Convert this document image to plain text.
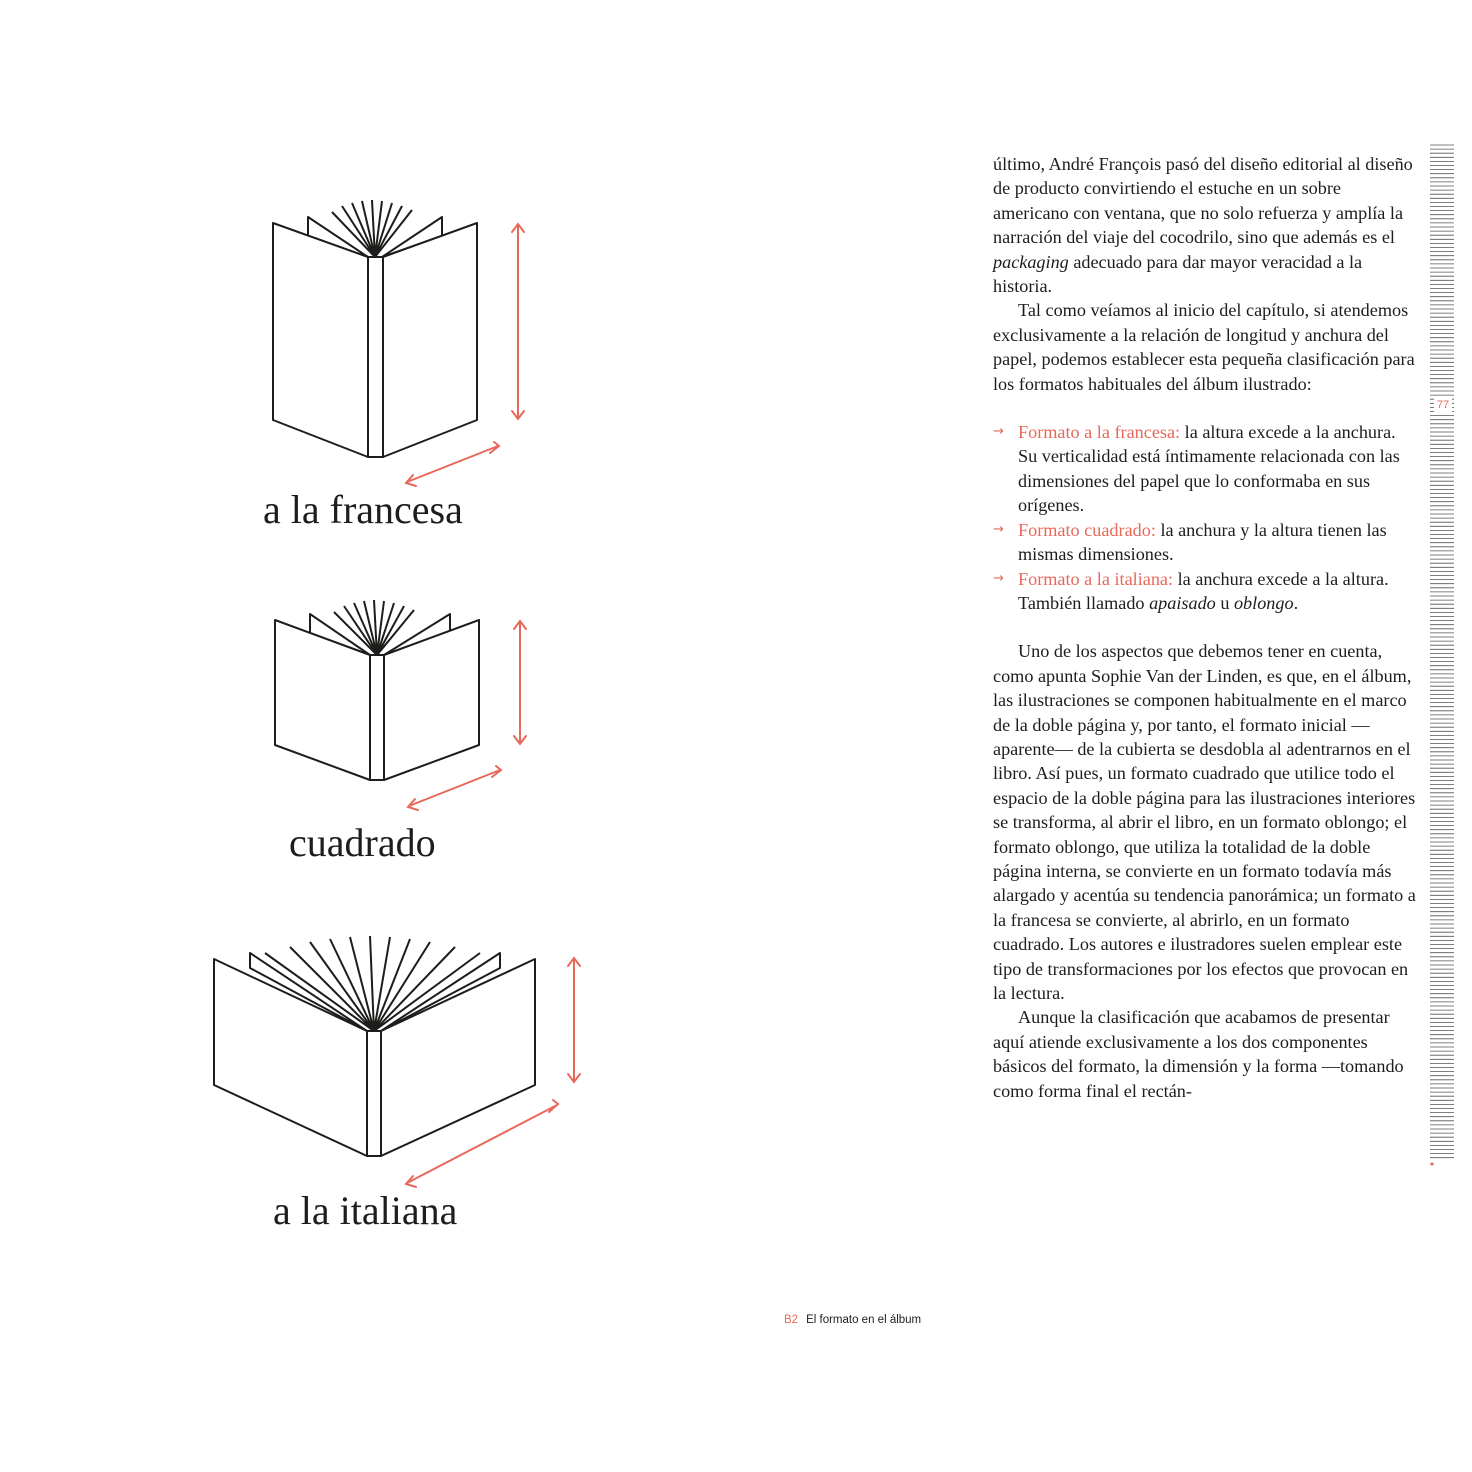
a la francesa
cuadrado
a la italiana

último, André François pasó del diseño editorial al diseño de producto convirtiendo el estuche en un sobre americano con ventana, que no solo refuerza y amplía la narración del viaje del cocodrilo, sino que además es el packaging adecuado para dar mayor veracidad a la historia.

Tal como veíamos al inicio del capítulo, si atendemos exclusivamente a la relación de longitud y anchura del papel, podemos establecer esta pequeña clasificación para los formatos habituales del álbum ilustrado:

→ Formato a la francesa: la altura excede a la anchura. Su verticalidad está íntimamente relacionada con las dimensiones del papel que lo conformaba en sus orígenes.

→ Formato cuadrado: la anchura y la altura tienen las mismas dimensiones.

→ Formato a la italiana: la anchura excede a la altura. También llamado apaisado u oblongo.

Uno de los aspectos que debemos tener en cuenta, como apunta Sophie Van der Linden, es que, en el álbum, las ilustraciones se componen habitualmente en el marco de la doble página y, por tanto, el formato inicial —aparente— de la cubierta se desdobla al adentrarnos en el libro. Así pues, un formato cuadrado que utilice todo el espacio de la doble página para las ilustraciones interiores se transforma, al abrir el libro, en un formato oblongo; el formato oblongo, que utiliza la totalidad de la doble página interna, se convierte en un formato todavía más alargado y acentúa su tendencia panorámica; un formato a la francesa se convierte, al abrirlo, en un formato cuadrado. Los autores e ilustradores suelen emplear este tipo de transformaciones por los efectos que provocan en la lectura.

Aunque la clasificación que acabamos de presentar aquí atiende exclusivamente a los dos componentes básicos del formato, la dimensión y la forma —tomando como forma final el rectán-

77
B2 El formato en el álbum
